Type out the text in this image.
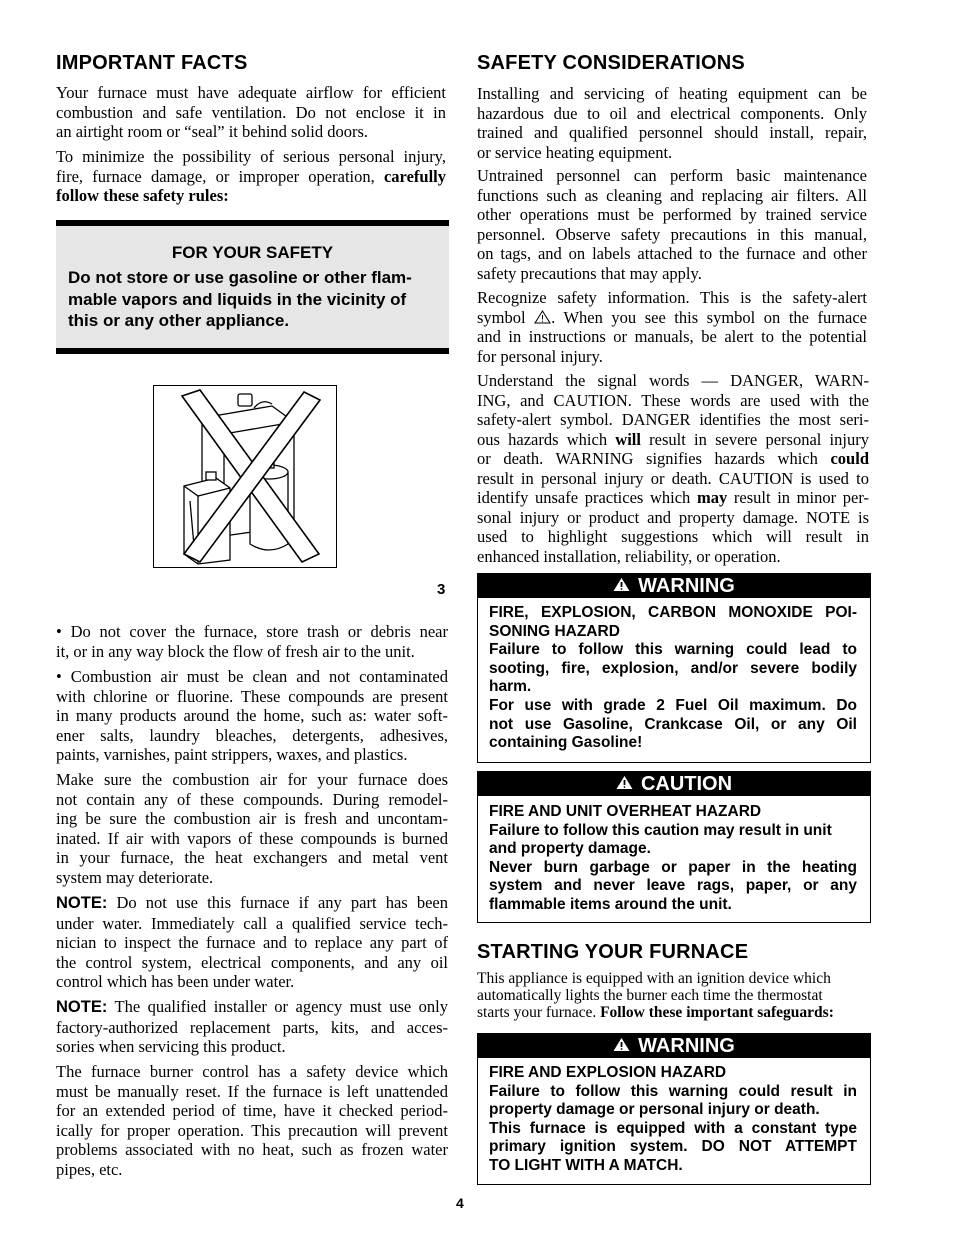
IMPORTANT FACTS
Your furnace must have adequate airflow for efficient
combustion and safe ventilation. Do not enclose it in
an airtight room or “seal” it behind solid doors.
To minimize the possibility of serious personal injury,
fire, furnace damage, or improper operation, carefully
follow these safety rules:
FOR YOUR SAFETY
Do not store or use gasoline or other flam-
mable vapors and liquids in the vicinity of
this or any other appliance.
3
• Do not cover the furnace, store trash or debris near
it, or in any way block the flow of fresh air to the unit.
• Combustion air must be clean and not contaminated
with chlorine or fluorine. These compounds are present
in many products around the home, such as: water soft-
ener salts, laundry bleaches, detergents, adhesives,
paints, varnishes, paint strippers, waxes, and plastics.
Make sure the combustion air for your furnace does
not contain any of these compounds. During remodel-
ing be sure the combustion air is fresh and uncontam-
inated. If air with vapors of these compounds is burned
in your furnace, the heat exchangers and metal vent
system may deteriorate.
NOTE: Do not use this furnace if any part has been
under water. Immediately call a qualified service tech-
nician to inspect the furnace and to replace any part of
the control system, electrical components, and any oil
control which has been under water.
NOTE: The qualified installer or agency must use only
factory-authorized replacement parts, kits, and acces-
sories when servicing this product.
The furnace burner control has a safety device which
must be manually reset. If the furnace is left unattended
for an extended period of time, have it checked period-
ically for proper operation. This precaution will prevent
problems associated with no heat, such as frozen water
pipes, etc.
SAFETY CONSIDERATIONS
Installing and servicing of heating equipment can be
hazardous due to oil and electrical components. Only
trained and qualified personnel should install, repair,
or service heating equipment.
Untrained personnel can perform basic maintenance
functions such as cleaning and replacing air filters. All
other operations must be performed by trained service
personnel. Observe safety precautions in this manual,
on tags, and on labels attached to the furnace and other
safety precautions that may apply.
Recognize safety information. This is the safety-alert
symbol . When you see this symbol on the furnace
and in instructions or manuals, be alert to the potential
for personal injury.
Understand the signal words — DANGER, WARN-
ING, and CAUTION. These words are used with the
safety-alert symbol. DANGER identifies the most seri-
ous hazards which will result in severe personal injury
or death. WARNING signifies hazards which could
result in personal injury or death. CAUTION is used to
identify unsafe practices which may result in minor per-
sonal injury or product and property damage. NOTE is
used to highlight suggestions which will result in
enhanced installation, reliability, or operation.
WARNING
FIRE, EXPLOSION, CARBON MONOXIDE POI-
SONING HAZARD
Failure to follow this warning could lead to
sooting, fire, explosion, and/or severe bodily
harm.
For use with grade 2 Fuel Oil maximum. Do
not use Gasoline, Crankcase Oil, or any Oil
containing Gasoline!
CAUTION
FIRE AND UNIT OVERHEAT HAZARD
Failure to follow this caution may result in unit
and property damage.
Never burn garbage or paper in the heating
system and never leave rags, paper, or any
flammable items around the unit.
STARTING YOUR FURNACE
This appliance is equipped with an ignition device which
automatically lights the burner each time the thermostat
starts your furnace. Follow these important safeguards:
WARNING
FIRE AND EXPLOSION HAZARD
Failure to follow this warning could result in
property damage or personal injury or death.
This furnace is equipped with a constant type
primary ignition system. DO NOT ATTEMPT
TO LIGHT WITH A MATCH.
4
